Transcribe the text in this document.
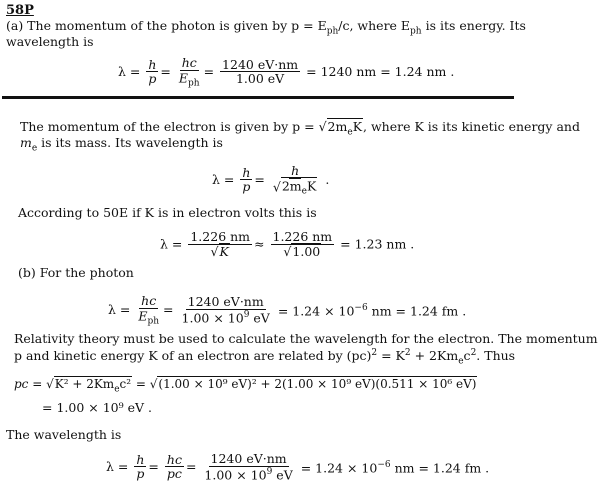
58P
(a) The momentum of the photon is given by $p = E_{ph}/c$, where $E_{ph}$ is its energy. Its
wavelength is
$\lambda = \frac{h}{p} = \frac{hc}{E_{ph}} = \frac{1240 eV\cdot nm}{1.00 eV} = 1240$ nm = 1.24 nm .
The momentum of the electron is given by $p = √2m_eK$, where K is its kinetic energy and
$m_e$ is its mass. Its wavelength is
$\lambda = \frac{h}{p} = \frac{h}{√2m_eK}$ .
According to 50E if K is in electron volts this is
$\lambda = \frac{1.226 nm}{√K} \approx \frac{1.226 nm}{√1.00} = 1.23$ nm .
(b) For the photon
$\lambda = \frac{hc}{E_{ph}} = \frac{1240 eV\cdot nm}{1.00 \times 10^9 eV} = 1.24 \times 10^{-6}$ nm = 1.24 fm .
Relativity theory must be used to calculate the wavelength for the electron. The momentum
p and kinetic energy K of an electron are related by $(pc)^2 = K^2 + 2Km_ec^2$. Thus
pc = $√K^2 + 2Km_ec^2 = √(1.00 \times 10^9$ eV)² + 2(1.00 × 10⁹ eV)(0.511 × 10⁶ eV)
= 1.00 × 10⁹ eV .
The wavelength is
$\lambda = \frac{h}{p} = \frac{hc}{pc} = \frac{1240 eV\cdot nm}{1.00 \times 10^9 eV} = 1.24 \times 10^{-6}$ nm = 1.24 fm .
